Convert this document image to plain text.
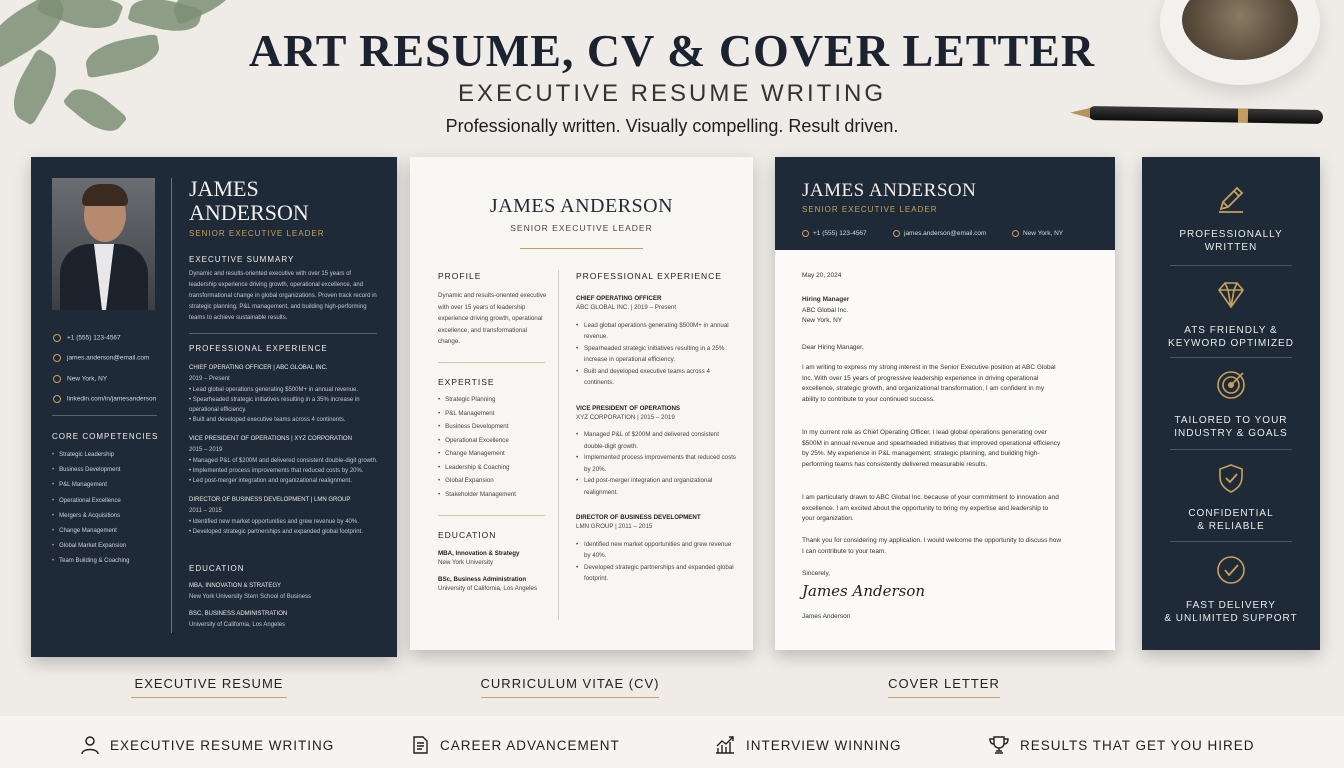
ART RESUME, CV & COVER LETTER
EXECUTIVE RESUME WRITING
Professionally written. Visually compelling. Result driven.
JAMES
ANDERSON
SENIOR EXECUTIVE LEADER
+1 (555) 123-4567
james.anderson@email.com
New York, NY
linkedin.com/in/jamesanderson
CORE COMPETENCIES
• Strategic Leadership
• Business Development
• P&L Management
• Operational Excellence
• Mergers & Acquisitions
• Change Management
• Global Market Expansion
• Team Building & Coaching
EXECUTIVE SUMMARY
Dynamic and results-oriented executive with over 15 years of leadership experience driving growth, operational excellence, and transformational change in global organizations. Proven track record in strategic planning, P&L management, and building high-performing teams to achieve sustainable results.
PROFESSIONAL EXPERIENCE
CHIEF OPERATING OFFICER | ABC GLOBAL INC.
2019 – Present
• Lead global operations generating $500M+ in annual revenue.
• Spearheaded strategic initiatives resulting in a 35% increase in operational efficiency.
• Built and developed executive teams across 4 continents.
VICE PRESIDENT OF OPERATIONS | XYZ CORPORATION
2015 – 2019
• Managed P&L of $200M and delivered consistent double-digit growth.
• Implemented process improvements that reduced costs by 20%.
• Led post-merger integration and organizational realignment.
DIRECTOR OF BUSINESS DEVELOPMENT | LMN GROUP
2011 – 2015
• Identified new market opportunities and grew revenue by 40%.
• Developed strategic partnerships and expanded global footprint.
EDUCATION
MBA, INNOVATION & STRATEGY
New York University Stern School of Business
BSC, BUSINESS ADMINISTRATION
University of California, Los Angeles
JAMES ANDERSON
SENIOR EXECUTIVE LEADER
PROFILE
Dynamic and results-oriented executive with over 15 years of leadership experience driving growth, operational excellence, and transformational change.
EXPERTISE
• Strategic Planning
• P&L Management
• Business Development
• Operational Excellence
• Change Management
• Leadership & Coaching
• Global Expansion
• Stakeholder Management
EDUCATION
MBA, Innovation & Strategy
New York University
BSc, Business Administration
University of California, Los Angeles
PROFESSIONAL EXPERIENCE
CHIEF OPERATING OFFICER
ABC GLOBAL INC. | 2019 – Present
• Lead global operations generating $500M+ in annual revenue.
• Spearheaded strategic initiatives resulting in a 25% increase in operational efficiency.
• Built and developed executive teams across 4 continents.
VICE PRESIDENT OF OPERATIONS
XYZ CORPORATION | 2015 – 2019
• Managed P&L of $200M and delivered consistent double-digit growth.
• Implemented process improvements that reduced costs by 20%.
• Led post-merger integration and organizational realignment.
DIRECTOR OF BUSINESS DEVELOPMENT
LMN GROUP | 2011 – 2015
• Identified new market opportunities and grew revenue by 40%.
• Developed strategic partnerships and expanded global footprint.
JAMES ANDERSON
SENIOR EXECUTIVE LEADER
+1 (555) 123-4567	james.anderson@email.com	New York, NY
May 20, 2024
Hiring Manager
ABC Global Inc.
New York, NY
Dear Hiring Manager,
I am writing to express my strong interest in the Senior Executive position at ABC Global Inc. With over 15 years of progressive leadership experience in driving operational excellence, strategic growth, and organizational transformation, I am confident in my ability to contribute to your continued success.
In my current role as Chief Operating Officer, I lead global operations generating over $500M in annual revenue and spearheaded initiatives that improved operational efficiency by 25%. My experience in P&L management, strategic planning, and building high-performing teams has consistently delivered measurable results.
I am particularly drawn to ABC Global Inc. because of your commitment to innovation and excellence. I am excited about the opportunity to bring my expertise and leadership to your organization.
Thank you for considering my application. I would welcome the opportunity to discuss how I can contribute to your team.
Sincerely,
James Anderson
James Anderson
PROFESSIONALLY
WRITTEN
ATS FRIENDLY &
KEYWORD OPTIMIZED
TAILORED TO YOUR
INDUSTRY & GOALS
CONFIDENTIAL
& RELIABLE
FAST DELIVERY
& UNLIMITED SUPPORT
EXECUTIVE RESUME	CURRICULUM VITAE (CV)	COVER LETTER
EXECUTIVE RESUME WRITING	CAREER ADVANCEMENT	INTERVIEW WINNING	RESULTS THAT GET YOU HIRED
